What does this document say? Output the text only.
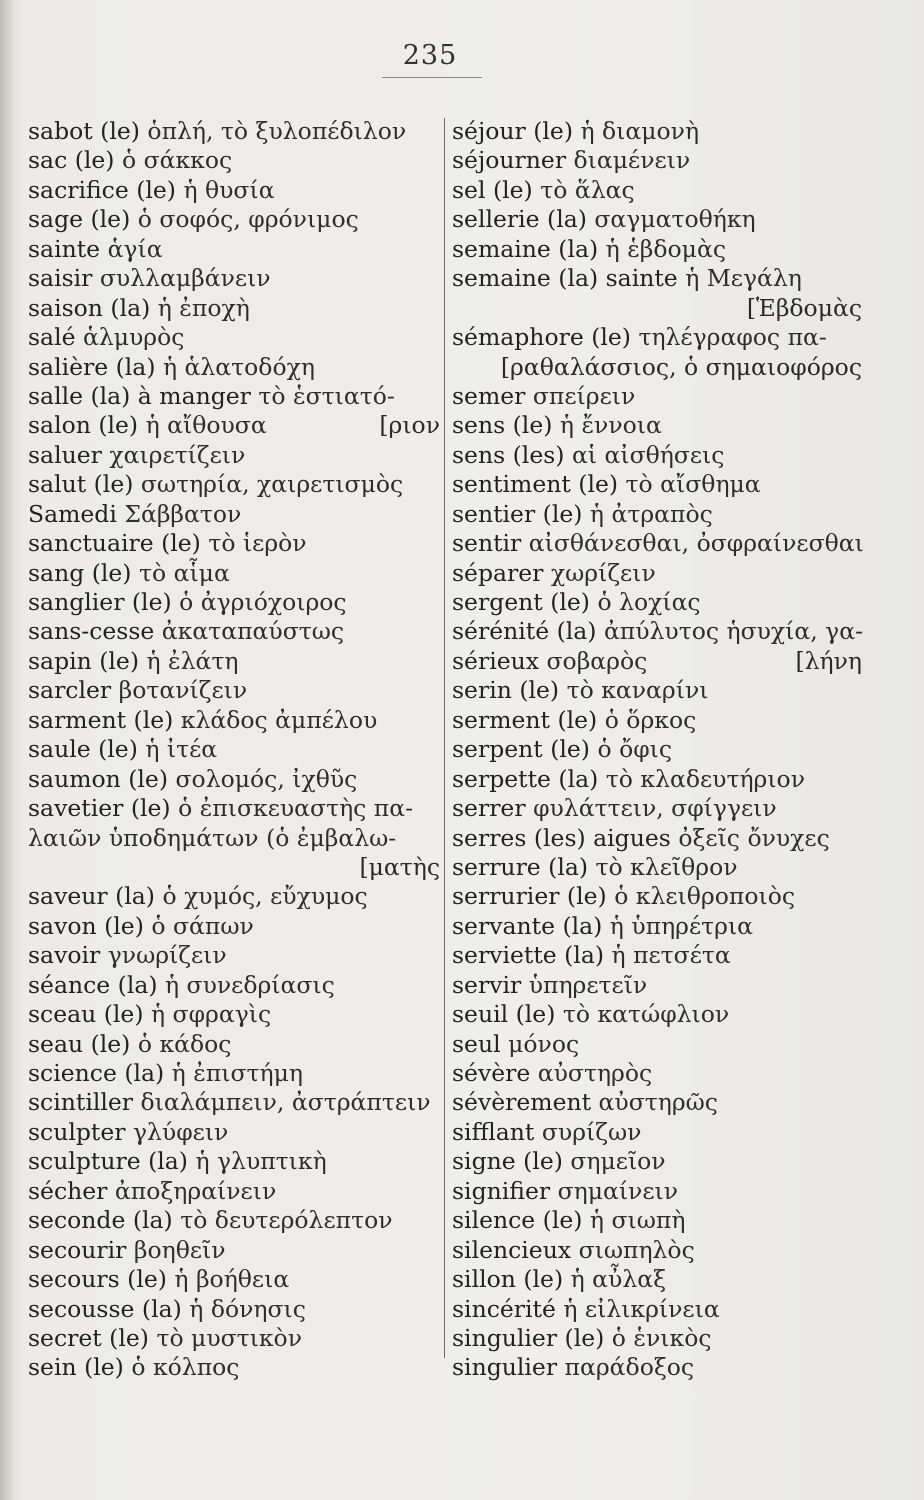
235
sabot (le) ὁπλή, τὸ ξυλοπέδιλον
sac (le) ὁ σάκκος
sacrifice (le) ἡ θυσία
sage (le) ὁ σοφός, φρόνιμος
sainte ἁγία
saisir συλλαμβάνειν
saison (la) ἡ ἐποχὴ
salé ἁλμυρὸς
salière (la) ἡ ἁλατοδόχη
salle (la) à manger τὸ ἑστιατό-
salon (le) ἡ αἴθουσα	[ριον
saluer χαιρετίζειν
salut (le) σωτηρία, χαιρετισμὸς
Samedi Σάββατον
sanctuaire (le) τὸ ἱερὸν
sang (le) τὸ αἷμα
sanglier (le) ὁ ἀγριόχοιρος
sans-cesse ἀκαταπαύστως
sapin (le) ἡ ἐλάτη
sarcler βοτανίζειν
sarment (le) κλάδος ἀμπέλου
saule (le) ἡ ἰτέα
saumon (le) σολομός, ἰχθῦς
savetier (le) ὁ ἐπισκευαστὴς πα-
λαιῶν ὑποδημάτων (ὁ ἐμβαλω-
[ματὴς
saveur (la) ὁ χυμός, εὔχυμος
savon (le) ὁ σάπων
savoir γνωρίζειν
séance (la) ἡ συνεδρίασις
sceau (le) ἡ σφραγὶς
seau (le) ὁ κάδος
science (la) ἡ ἐπιστήμη
scintiller διαλάμπειν, ἀστράπτειν
sculpter γλύφειν
sculpture (la) ἡ γλυπτικὴ
sécher ἀποξηραίνειν
seconde (la) τὸ δευτερόλεπτον
secourir βοηθεῖν
secours (le) ἡ βοήθεια
secousse (la) ἡ δόνησις
secret (le) τὸ μυστικὸν
sein (le) ὁ κόλπος
séjour (le) ἡ διαμονὴ
séjourner διαμένειν
sel (le) τὸ ἅλας
sellerie (la) σαγματοθήκη
semaine (la) ἡ ἑβδομὰς
semaine (la) sainte ἡ Μεγάλη
[Ἑβδομὰς
sémaphore (le) τηλέγραφος πα-
[ραθαλάσσιος, ὁ σημαιοφόρος
semer σπείρειν
sens (le) ἡ ἔννοια
sens (les) αἱ αἰσθήσεις
sentiment (le) τὸ αἴσθημα
sentier (le) ἡ ἀτραπὸς
sentir αἰσθάνεσθαι, ὀσφραίνεσθαι
séparer χωρίζειν
sergent (le) ὁ λοχίας
sérénité (la) ἀπύλυτος ἡσυχία, γα-
sérieux σοβαρὸς	[λήνη
serin (le) τὸ καναρίνι
serment (le) ὁ ὅρκος
serpent (le) ὁ ὄφις
serpette (la) τὸ κλαδευτήριον
serrer φυλάττειν, σφίγγειν
serres (les) aigues ὀξεῖς ὄνυχες
serrure (la) τὸ κλεῖθρον
serrurier (le) ὁ κλειθροποιὸς
servante (la) ἡ ὑπηρέτρια
serviette (la) ἡ πετσέτα
servir ὑπηρετεῖν
seuil (le) τὸ κατώφλιον
seul μόνος
sévère αὐστηρὸς
sévèrement αὐστηρῶς
sifflant συρίζων
signe (le) σημεῖον
signifier σημαίνειν
silence (le) ἡ σιωπὴ
silencieux σιωπηλὸς
sillon (le) ἡ αὖλαξ
sincérité ἡ εἰλικρίνεια
singulier (le) ὁ ἑνικὸς
singulier παράδοξος
